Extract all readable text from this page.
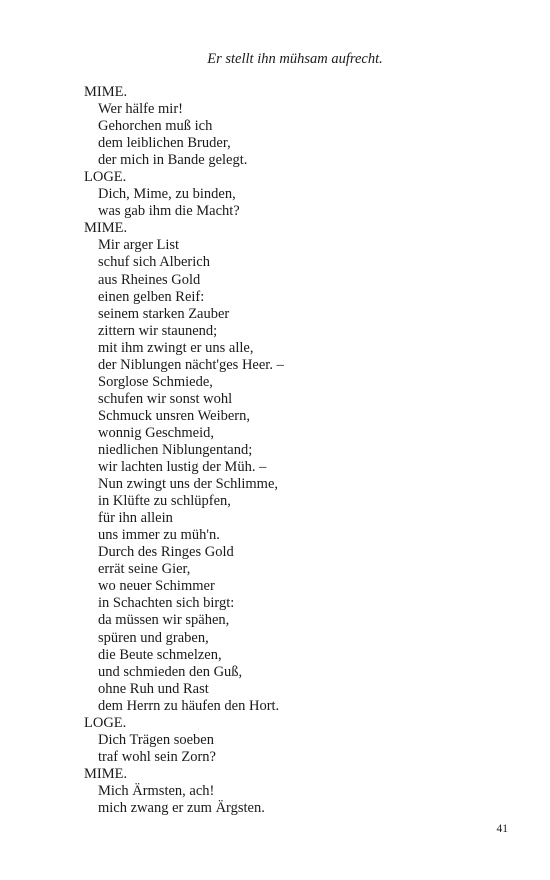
Er stellt ihn mühsam aufrecht.
MIME.
Wer hälfe mir!
Gehorchen muß ich
dem leiblichen Bruder,
der mich in Bande gelegt.
LOGE.
Dich, Mime, zu binden,
was gab ihm die Macht?
MIME.
Mir arger List
schuf sich Alberich
aus Rheines Gold
einen gelben Reif:
seinem starken Zauber
zittern wir staunend;
mit ihm zwingt er uns alle,
der Niblungen nächt'ges Heer. –
Sorglose Schmiede,
schufen wir sonst wohl
Schmuck unsren Weibern,
wonnig Geschmeid,
niedlichen Niblungentand;
wir lachten lustig der Müh. –
Nun zwingt uns der Schlimme,
in Klüfte zu schlüpfen,
für ihn allein
uns immer zu müh'n.
Durch des Ringes Gold
errät seine Gier,
wo neuer Schimmer
in Schachten sich birgt:
da müssen wir spähen,
spüren und graben,
die Beute schmelzen,
und schmieden den Guß,
ohne Ruh und Rast
dem Herrn zu häufen den Hort.
LOGE.
Dich Trägen soeben
traf wohl sein Zorn?
MIME.
Mich Ärmsten, ach!
mich zwang er zum Ärgsten.
41
